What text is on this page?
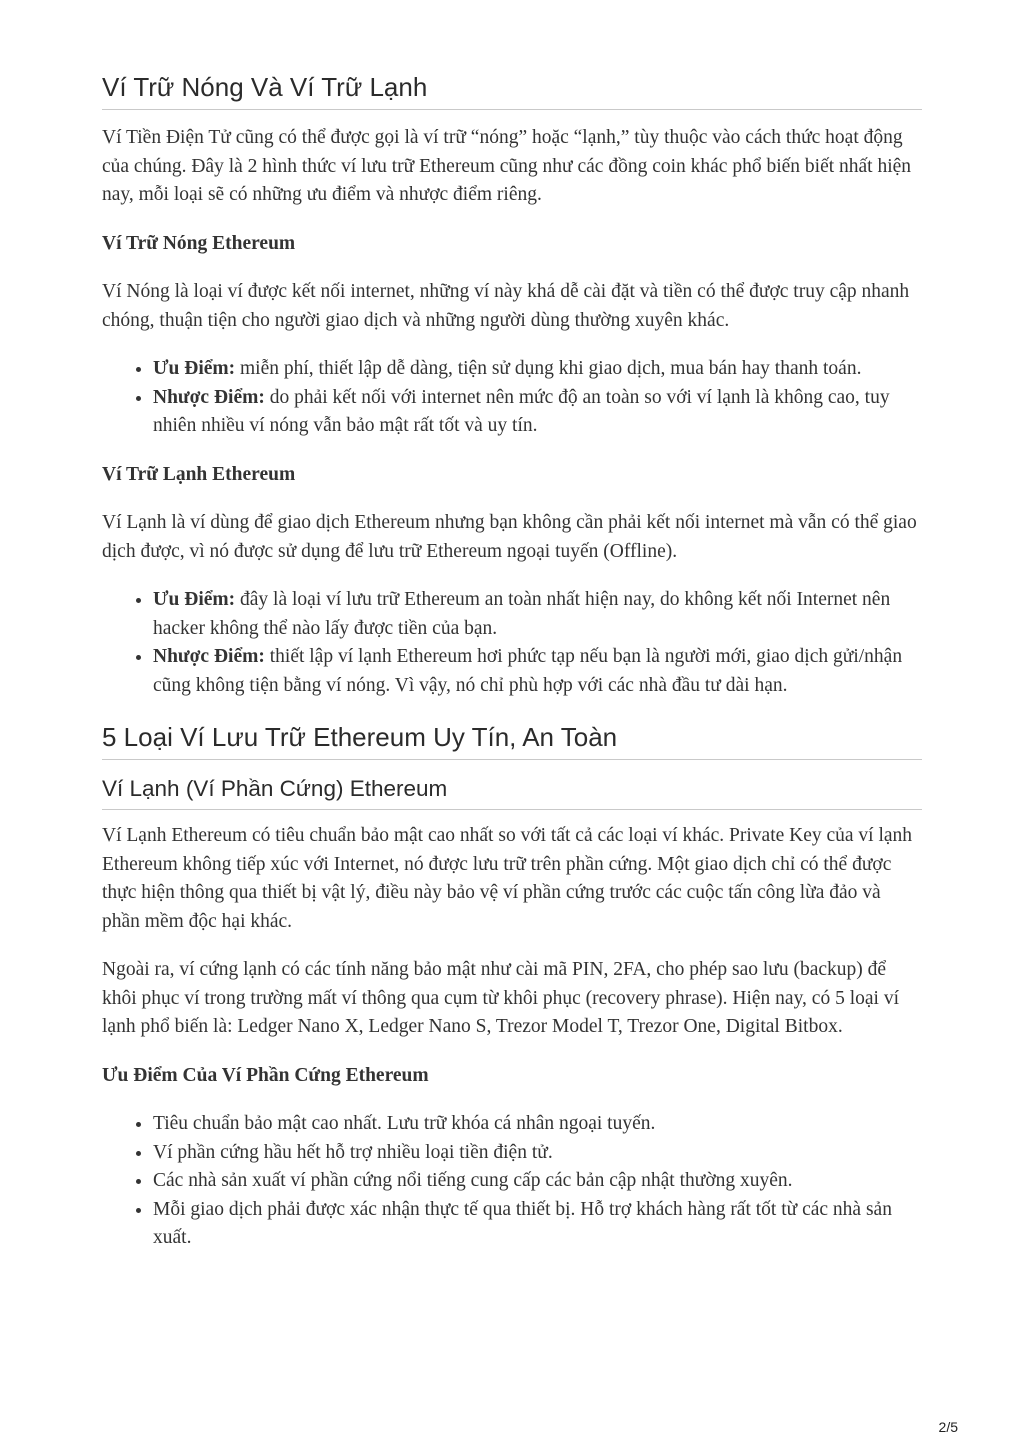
Ví Trữ Nóng Và Ví Trữ Lạnh

Ví Tiền Điện Tử cũng có thể được gọi là ví trữ “nóng” hoặc “lạnh,” tùy thuộc vào cách thức hoạt động của chúng. Đây là 2 hình thức ví lưu trữ Ethereum cũng như các đồng coin khác phổ biến biết nhất hiện nay, mỗi loại sẽ có những ưu điểm và nhược điểm riêng.

Ví Trữ Nóng Ethereum

Ví Nóng là loại ví được kết nối internet, những ví này khá dễ cài đặt và tiền có thể được truy cập nhanh chóng, thuận tiện cho người giao dịch và những người dùng thường xuyên khác.

• Ưu Điểm: miễn phí, thiết lập dễ dàng, tiện sử dụng khi giao dịch, mua bán hay thanh toán.
• Nhược Điểm: do phải kết nối với internet nên mức độ an toàn so với ví lạnh là không cao, tuy nhiên nhiều ví nóng vẫn bảo mật rất tốt và uy tín.
Ví Trữ Lạnh Ethereum

Ví Lạnh là ví dùng để giao dịch Ethereum nhưng bạn không cần phải kết nối internet mà vẫn có thể giao dịch được, vì nó được sử dụng để lưu trữ Ethereum ngoại tuyến (Offline).

• Ưu Điểm: đây là loại ví lưu trữ Ethereum an toàn nhất hiện nay, do không kết nối Internet nên hacker không thể nào lấy được tiền của bạn.
• Nhược Điểm: thiết lập ví lạnh Ethereum hơi phức tạp nếu bạn là người mới, giao dịch gửi/nhận cũng không tiện bằng ví nóng. Vì vậy, nó chỉ phù hợp với các nhà đầu tư dài hạn.
5 Loại Ví Lưu Trữ Ethereum Uy Tín, An Toàn
Ví Lạnh (Ví Phần Cứng) Ethereum

Ví Lạnh Ethereum có tiêu chuẩn bảo mật cao nhất so với tất cả các loại ví khác. Private Key của ví lạnh Ethereum không tiếp xúc với Internet, nó được lưu trữ trên phần cứng. Một giao dịch chỉ có thể được thực hiện thông qua thiết bị vật lý, điều này bảo vệ ví phần cứng trước các cuộc tấn công lừa đảo và phần mềm độc hại khác.

Ngoài ra, ví cứng lạnh có các tính năng bảo mật như cài mã PIN, 2FA, cho phép sao lưu (backup) để khôi phục ví trong trường mất ví thông qua cụm từ khôi phục (recovery phrase). Hiện nay, có 5 loại ví lạnh phổ biến là: Ledger Nano X, Ledger Nano S, Trezor Model T, Trezor One, Digital Bitbox.

Ưu Điểm Của Ví Phần Cứng Ethereum
• Tiêu chuẩn bảo mật cao nhất. Lưu trữ khóa cá nhân ngoại tuyến.
• Ví phần cứng hầu hết hỗ trợ nhiều loại tiền điện tử.
• Các nhà sản xuất ví phần cứng nổi tiếng cung cấp các bản cập nhật thường xuyên.
• Mỗi giao dịch phải được xác nhận thực tế qua thiết bị. Hỗ trợ khách hàng rất tốt từ các nhà sản xuất.
2/5
